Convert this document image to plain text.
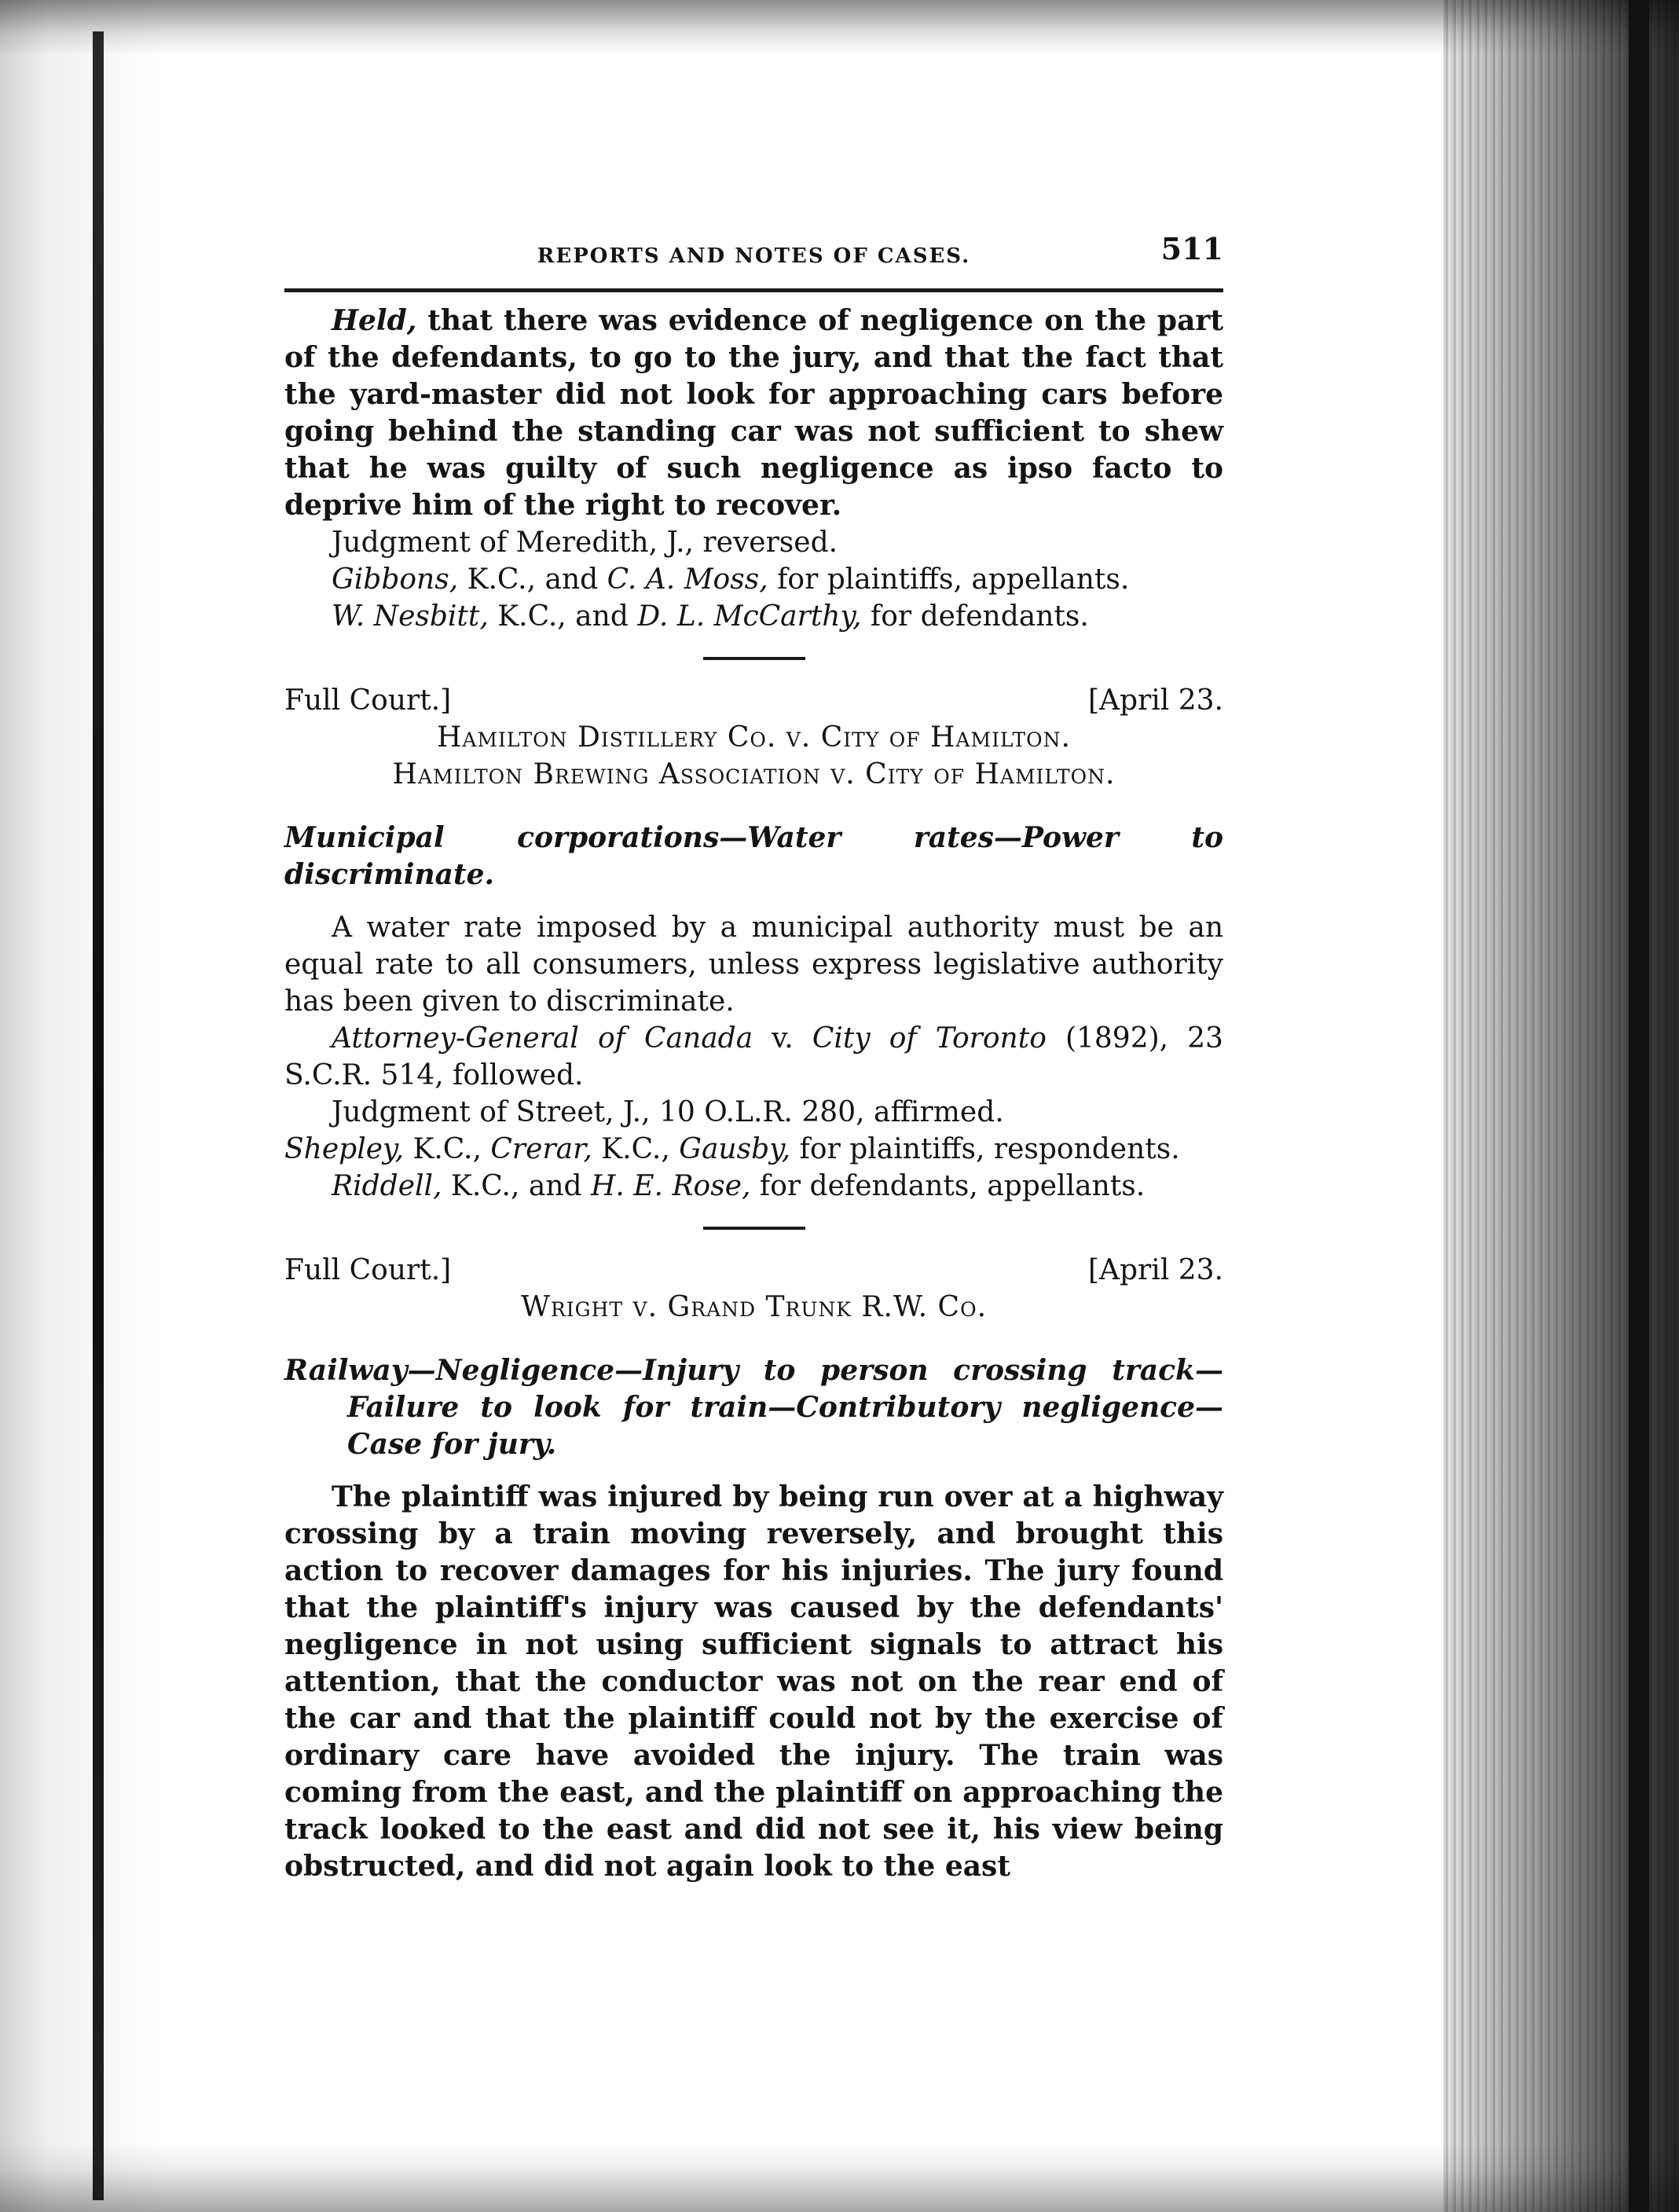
REPORTS AND NOTES OF CASES.	511

Held, that there was evidence of negligence on the part of the defendants, to go to the jury, and that the fact that the yard-master did not look for approaching cars before going behind the standing car was not sufficient to shew that he was guilty of such negligence as ipso facto to deprive him of the right to recover.

Judgment of Meredith, J., reversed.

Gibbons, K.C., and C. A. Moss, for plaintiffs, appellants.

W. Nesbitt, K.C., and D. L. McCarthy, for defendants.

Full Court.]	[April 23.
Hamilton Distillery Co. v. City of Hamilton.
Hamilton Brewing Association v. City of Hamilton.

Municipal corporations—Water rates—Power to discriminate.

A water rate imposed by a municipal authority must be an equal rate to all consumers, unless express legislative authority has been given to discriminate.

Attorney-General of Canada v. City of Toronto (1892), 23 S.C.R. 514, followed.

Judgment of Street, J., 10 O.L.R. 280, affirmed.

Shepley, K.C., Crerar, K.C., Gausby, for plaintiffs, respondents.

Riddell, K.C., and H. E. Rose, for defendants, appellants.

Full Court.]	[April 23.
Wright v. Grand Trunk R.W. Co.

Railway—Negligence—Injury to person crossing track—Failure to look for train—Contributory negligence—Case for jury.

The plaintiff was injured by being run over at a highway crossing by a train moving reversely, and brought this action to recover damages for his injuries. The jury found that the plaintiff's injury was caused by the defendants' negligence in not using sufficient signals to attract his attention, that the conductor was not on the rear end of the car and that the plaintiff could not by the exercise of ordinary care have avoided the injury. The train was coming from the east, and the plaintiff on approaching the track looked to the east and did not see it, his view being obstructed, and did not again look to the east
